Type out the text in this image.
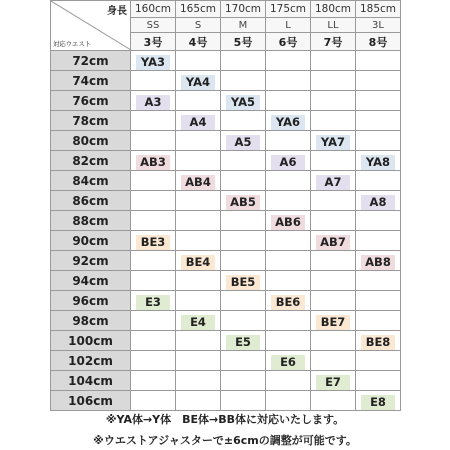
身長
対応ウエスト	160cm	165cm	170cm	175cm	180cm	185cm
	SS	S	M	L	LL	3L
	3号	4号	5号	6号	7号	8号
72cm	YA3					
74cm		YA4				
76cm	A3		YA5			
78cm		A4		YA6		
80cm			A5		YA7	
82cm	AB3			A6		YA8
84cm		AB4			A7	
86cm			AB5			A8
88cm				AB6		
90cm	BE3				AB7	
92cm		BE4				AB8
94cm			BE5			
96cm	E3			BE6		
98cm		E4			BE7	
100cm			E5			BE8
102cm				E6		
104cm					E7	
106cm						E8
※YA体→Y体　BE体→BB体に対応いたします。
※ウエストアジャスターで±6cmの調整が可能です。
